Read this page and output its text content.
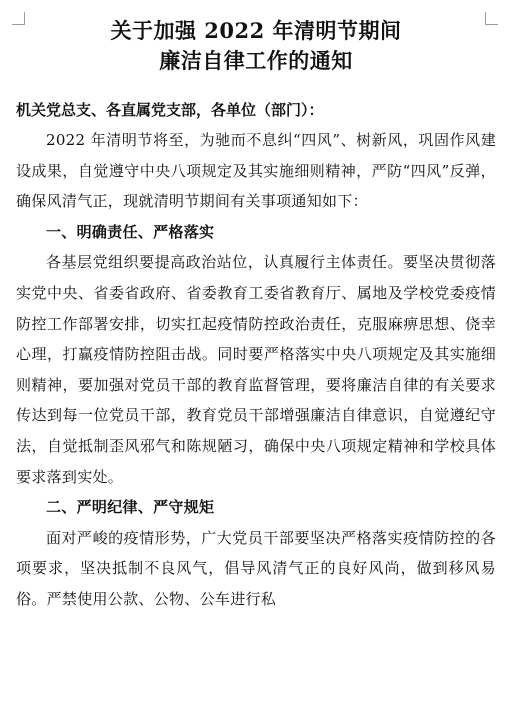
关于加强 2022 年清明节期间
廉洁自律工作的通知
机关党总支、各直属党支部，各单位（部门）：

2022 年清明节将至，为驰而不息纠“四风”、树新风，巩固作风建设成果，自觉遵守中央八项规定及其实施细则精神，严防“四风”反弹，确保风清气正，现就清明节期间有关事项通知如下：

一、明确责任、严格落实

各基层党组织要提高政治站位，认真履行主体责任。要坚决贯彻落实党中央、省委省政府、省委教育工委省教育厅、属地及学校党委疫情防控工作部署安排，切实扛起疫情防控政治责任，克服麻痹思想、侥幸心理，打赢疫情防控阻击战。同时要严格落实中央八项规定及其实施细则精神，要加强对党员干部的教育监督管理，要将廉洁自律的有关要求传达到每一位党员干部，教育党员干部增强廉洁自律意识，自觉遵纪守法，自觉抵制歪风邪气和陈规陋习，确保中央八项规定精神和学校具体要求落到实处。

二、严明纪律、严守规矩

面对严峻的疫情形势，广大党员干部要坚决严格落实疫情防控的各项要求，坚决抵制不良风气，倡导风清气正的良好风尚，做到移风易俗。严禁使用公款、公物、公车进行私
